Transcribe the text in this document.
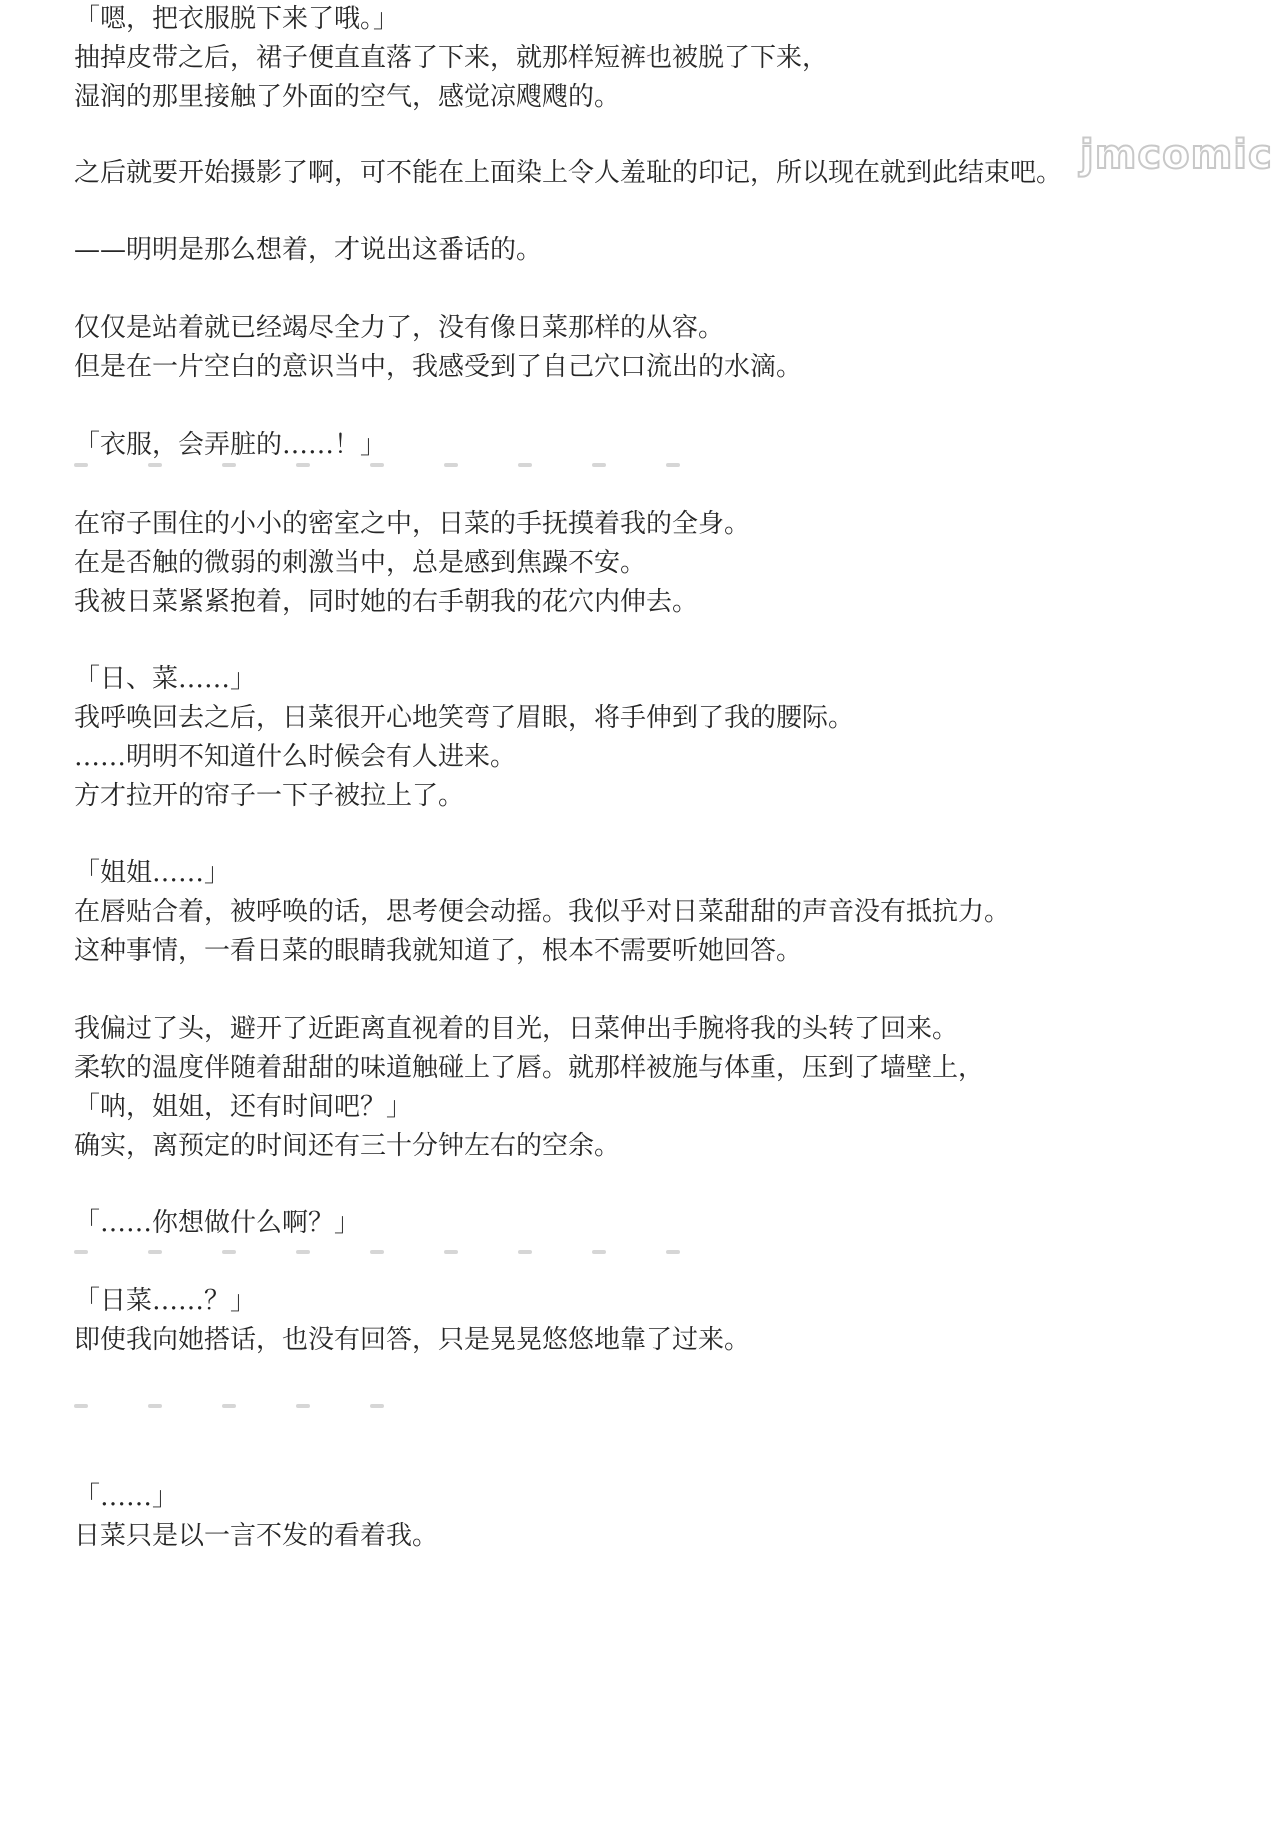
jmcomic
「嗯，把衣服脱下来了哦。」
抽掉皮带之后，裙子便直直落了下来，就那样短裤也被脱了下来，
湿润的那里接触了外面的空气，感觉凉飕飕的。
之后就要开始摄影了啊，可不能在上面染上令人羞耻的印记，所以现在就到此结束吧。
——明明是那么想着，才说出这番话的。
仅仅是站着就已经竭尽全力了，没有像日菜那样的从容。
但是在一片空白的意识当中，我感受到了自己穴口流出的水滴。
「衣服，会弄脏的……！」
在帘子围住的小小的密室之中，日菜的手抚摸着我的全身。
在是否触的微弱的刺激当中，总是感到焦躁不安。
我被日菜紧紧抱着，同时她的右手朝我的花穴内伸去。
「日、菜……」
我呼唤回去之后，日菜很开心地笑弯了眉眼，将手伸到了我的腰际。
……明明不知道什么时候会有人进来。
方才拉开的帘子一下子被拉上了。
「姐姐……」
在唇贴合着，被呼唤的话，思考便会动摇。我似乎对日菜甜甜的声音没有抵抗力。
这种事情，一看日菜的眼睛我就知道了，根本不需要听她回答。
我偏过了头，避开了近距离直视着的目光，日菜伸出手腕将我的头转了回来。
柔软的温度伴随着甜甜的味道触碰上了唇。就那样被施与体重，压到了墙壁上，
「呐，姐姐，还有时间吧？」
确实，离预定的时间还有三十分钟左右的空余。
「……你想做什么啊？」
「日菜……？」
即使我向她搭话，也没有回答，只是晃晃悠悠地靠了过来。
「……」
日菜只是以一言不发的看着我。
